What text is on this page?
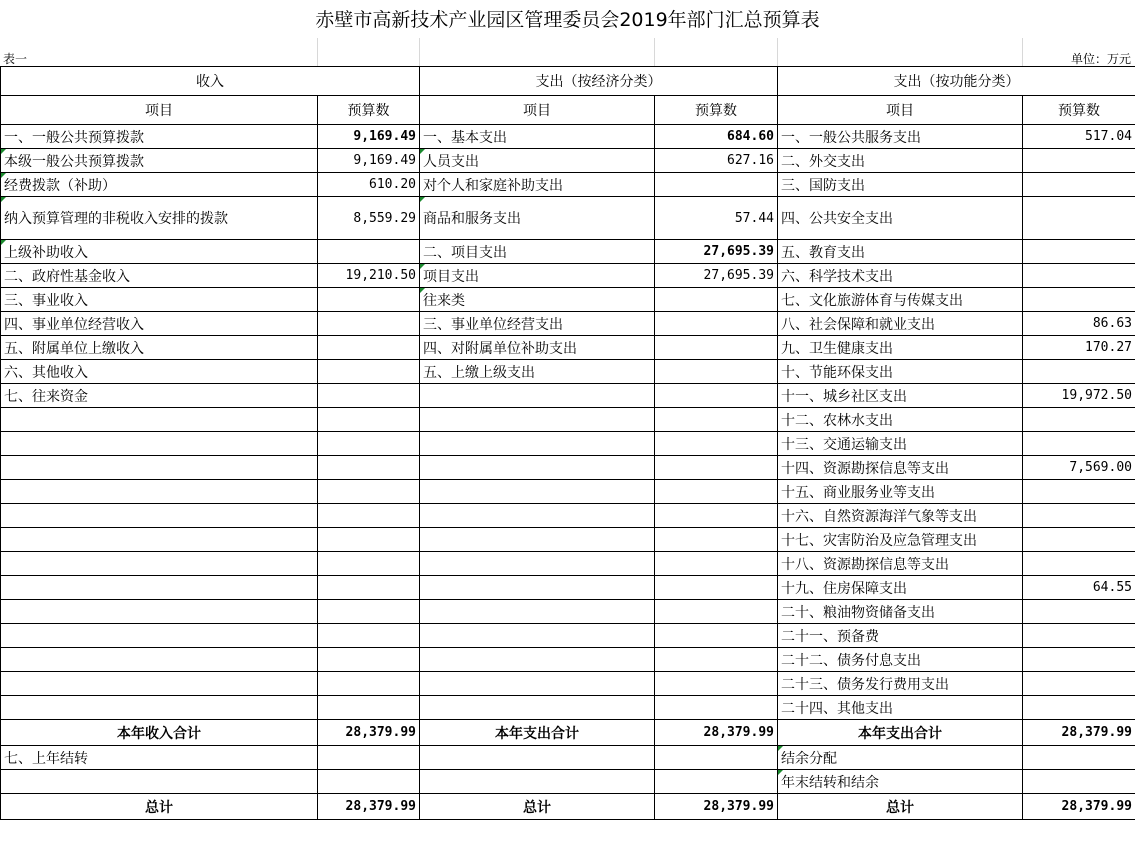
赤壁市高新技术产业园区管理委员会2019年部门汇总预算表
表一	单位：万元
收入		支出（按经济分类）		支出（按功能分类）	
项目	预算数	项目	预算数	项目	预算数
一、一般公共预算拨款	9,169.49	一、基本支出	684.60	一、一般公共服务支出	517.04
本级一般公共预算拨款	9,169.49	人员支出	627.16	二、外交支出	
经费拨款（补助）	610.20	对个人和家庭补助支出		三、国防支出	
纳入预算管理的非税收入安排的拨款	8,559.29	商品和服务支出	57.44	四、公共安全支出	
上级补助收入		二、项目支出	27,695.39	五、教育支出	
二、政府性基金收入	19,210.50	项目支出	27,695.39	六、科学技术支出	
三、事业收入		往来类		七、文化旅游体育与传媒支出	
四、事业单位经营收入		三、事业单位经营支出		八、社会保障和就业支出	86.63
五、附属单位上缴收入		四、对附属单位补助支出		九、卫生健康支出	170.27
六、其他收入		五、上缴上级支出		十、节能环保支出	
七、往来资金				十一、城乡社区支出	19,972.50
				十二、农林水支出	
				十三、交通运输支出	
				十四、资源勘探信息等支出	7,569.00
				十五、商业服务业等支出	
				十六、自然资源海洋气象等支出	
				十七、灾害防治及应急管理支出	
				十八、资源勘探信息等支出	
				十九、住房保障支出	64.55
				二十、粮油物资储备支出	
				二十一、预备费	
				二十二、债务付息支出	
				二十三、债务发行费用支出	
				二十四、其他支出	
本年收入合计	28,379.99	本年支出合计	28,379.99	本年支出合计	28,379.99
七、上年结转				结余分配	
				年末结转和结余	
总计	28,379.99	总计	28,379.99	总计	28,379.99
